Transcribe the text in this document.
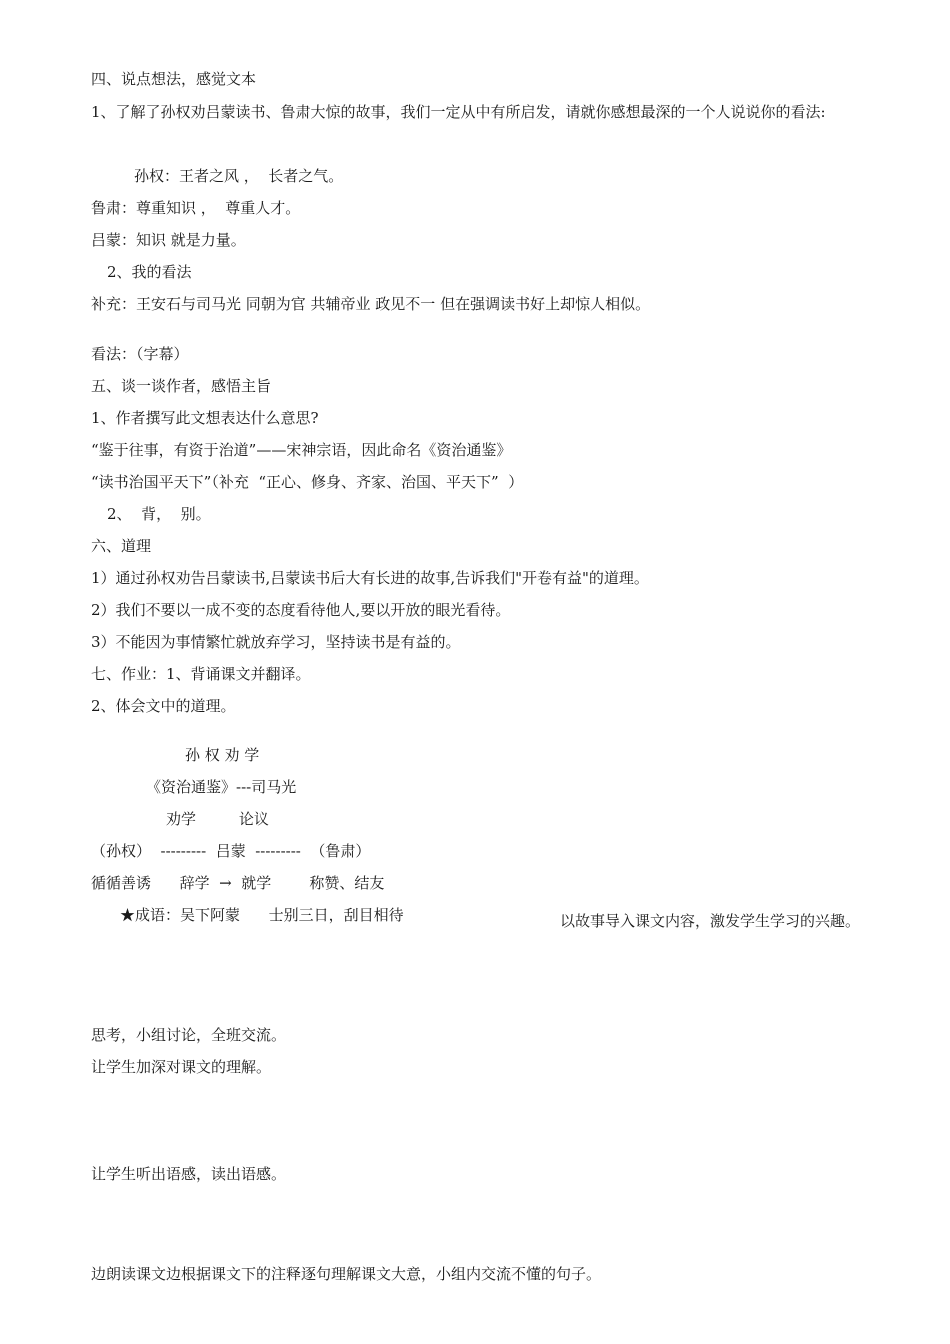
四、说点想法，感觉文本
1、了解了孙权劝吕蒙读书、鲁肃大惊的故事，我们一定从中有所启发，请就你感想最深的一个人说说你的看法:
孙权：王者之风 ，  长者之气。
鲁肃：尊重知识 ，  尊重人才。
吕蒙：知识 就是力量。
2、我的看法
补充：王安石与司马光 同朝为官 共辅帝业 政见不一 但在强调读书好上却惊人相似。
看法：（字幕）
五、谈一谈作者，感悟主旨
1、作者撰写此文想表达什么意思?
“鉴于往事，有资于治道”——宋神宗语，因此命名《资治通鉴》
“读书治国平天下”（补充  “正心、修身、齐家、治国、平天下”  ）
2、  背，  别。
六、道理
1）通过孙权劝告吕蒙读书,吕蒙读书后大有长进的故事,告诉我们"开卷有益"的道理。
2）我们不要以一成不变的态度看待他人,要以开放的眼光看待。
3）不能因为事情繁忙就放弃学习，坚持读书是有益的。
七、作业：1、背诵课文并翻译。
2、体会文中的道理。
孙 权 劝 学
《资治通鉴》---司马光
劝学         论议
（孙权）  ---------  吕蒙  ---------  （鲁肃）
循循善诱      辞学  →  就学        称赞、结友
★成语：吴下阿蒙      士别三日，刮目相待	以故事导入课文内容，激发学生学习的兴趣。
思考，小组讨论，全班交流。
让学生加深对课文的理解。
让学生听出语感，读出语感。
边朗读课文边根据课文下的注释逐句理解课文大意，小组内交流不懂的句子。
